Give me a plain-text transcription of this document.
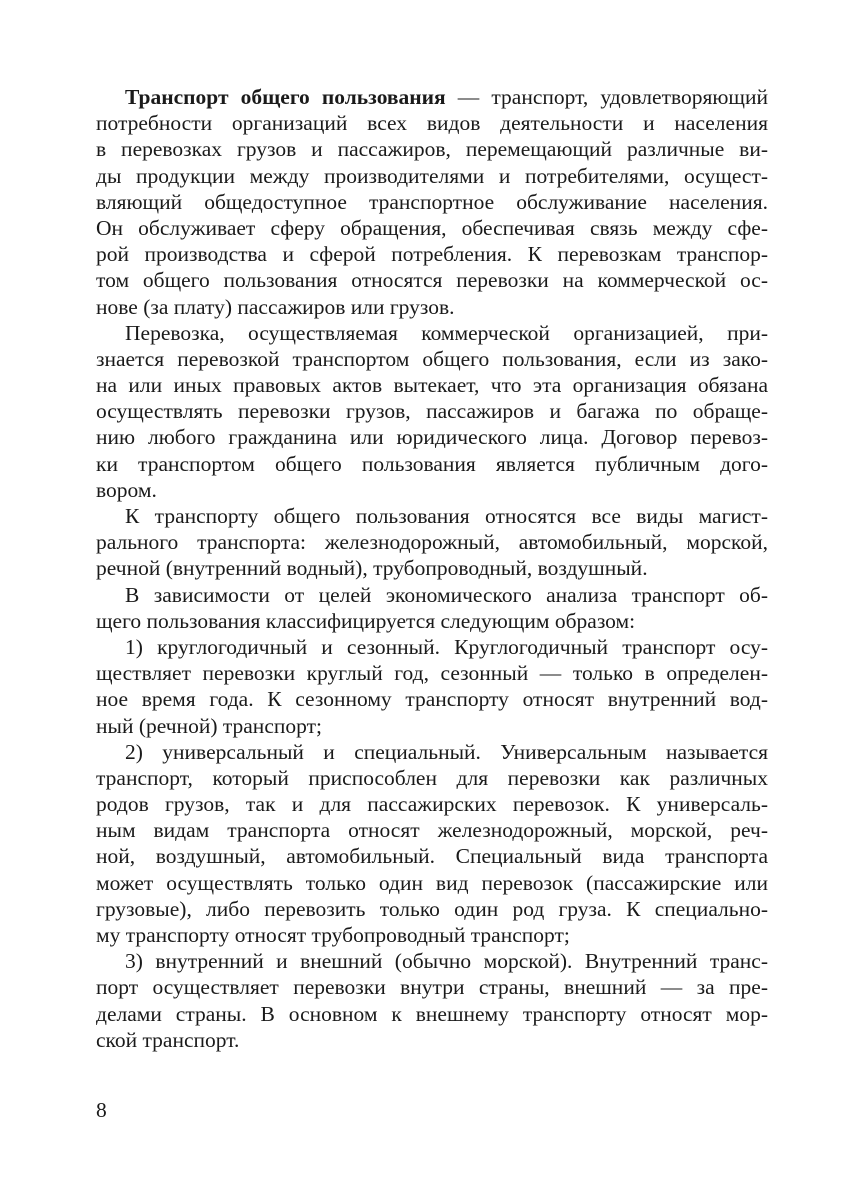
Транспорт общего пользования — транспорт, удовлетворяющий
потребности организаций всех видов деятельности и населения
в перевозках грузов и пассажиров, перемещающий различные ви-
ды продукции между производителями и потребителями, осущест-
вляющий общедоступное транспортное обслуживание населения.
Он обслуживает сферу обращения, обеспечивая связь между сфе-
рой производства и сферой потребления. К перевозкам транспор-
том общего пользования относятся перевозки на коммерческой ос-
нове (за плату) пассажиров или грузов.
Перевозка, осуществляемая коммерческой организацией, при-
знается перевозкой транспортом общего пользования, если из зако-
на или иных правовых актов вытекает, что эта организация обязана
осуществлять перевозки грузов, пассажиров и багажа по обраще-
нию любого гражданина или юридического лица. Договор перевоз-
ки транспортом общего пользования является публичным дого-
вором.
К транспорту общего пользования относятся все виды магист-
рального транспорта: железнодорожный, автомобильный, морской,
речной (внутренний водный), трубопроводный, воздушный.
В зависимости от целей экономического анализа транспорт об-
щего пользования классифицируется следующим образом:
1) круглогодичный и сезонный. Круглогодичный транспорт осу-
ществляет перевозки круглый год, сезонный — только в определен-
ное время года. К сезонному транспорту относят внутренний вод-
ный (речной) транспорт;
2) универсальный и специальный. Универсальным называется
транспорт, который приспособлен для перевозки как различных
родов грузов, так и для пассажирских перевозок. К универсаль-
ным видам транспорта относят железнодорожный, морской, реч-
ной, воздушный, автомобильный. Специальный вида транспорта
может осуществлять только один вид перевозок (пассажирские или
грузовые), либо перевозить только один род груза. К специально-
му транспорту относят трубопроводный транспорт;
3) внутренний и внешний (обычно морской). Внутренний транс-
порт осуществляет перевозки внутри страны, внешний — за пре-
делами страны. В основном к внешнему транспорту относят мор-
ской транспорт.
8
